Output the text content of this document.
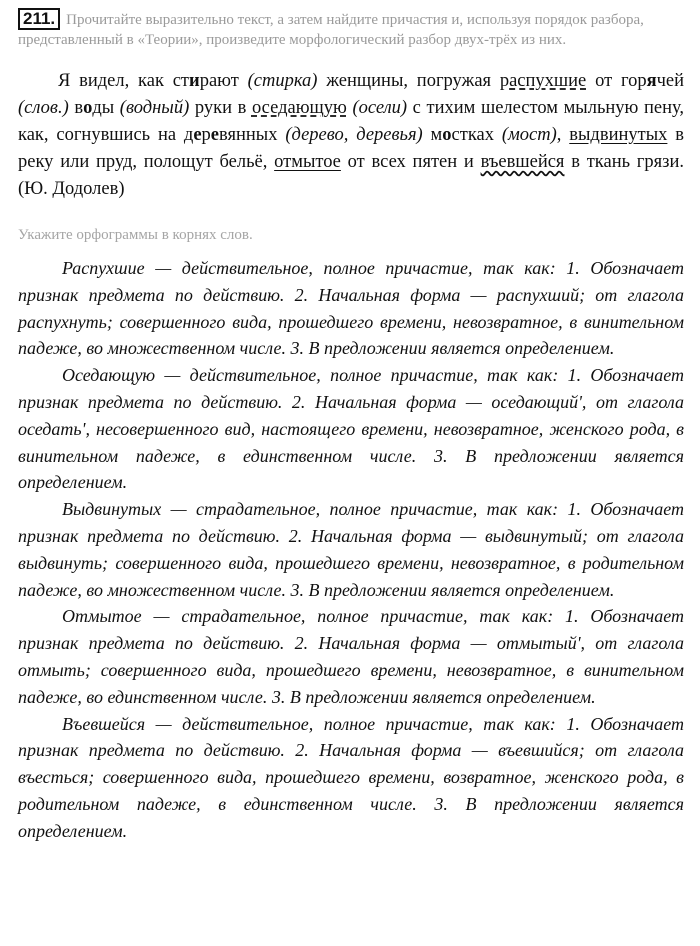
211. Прочитайте выразительно текст, а затем найдите причастия и, используя порядок разбора, представленный в «Теории», произведите морфологический разбор двух-трёх из них.

Я видел, как стирают (стирка) женщины, погружая распухшие от горячей (слов.) воды (водный) руки в оседающую (осели) с тихим шелестом мыльную пену, как, согнувшись на деревянных (дерево, деревья) мостках (мост), выдвинутых в реку или пруд, полощут бельё, отмытое от всех пятен и въевшейся в ткань грязи. (Ю. Додолев)

Укажите орфограммы в корнях слов.

Распухшие — действительное, полное причастие, так как: 1. Обозначает признак предмета по действию. 2. Начальная форма — распухший; от глагола распухнуть; совершенного вида, прошедшего времени, невозвратное, в винительном падеже, во множественном числе. 3. В предложении является определением.

Оседающую — действительное, полное причастие, так как: 1. Обозначает признак предмета по действию. 2. Начальная форма — оседающий', от глагола оседать', несовершенного вид, настоящего времени, невозвратное, женского рода, в винительном падеже, в единственном числе. 3. В предложении является определением.

Выдвинутых — страдательное, полное причастие, так как: 1. Обозначает признак предмета по действию. 2. Начальная форма — выдвинутый; от глагола выдвинуть; совершенного вида, прошедшего времени, невозвратное, в родительном падеже, во множественном числе. 3. В предложении является определением.

Отмытое — страдательное, полное причастие, так как: 1. Обозначает признак предмета по действию. 2. Начальная форма — отмытый', от глагола отмыть; совершенного вида, прошедшего времени, невозвратное, в винительном падеже, во единственном числе. 3. В предложении является определением.

Въевшейся — действительное, полное причастие, так как: 1. Обозначает признак предмета по действию. 2. Начальная форма — въевшийся; от глагола въесться; совершенного вида, прошедшего времени, возвратное, женского рода, в родительном падеже, в единственном числе. 3. В предложении является определением.
